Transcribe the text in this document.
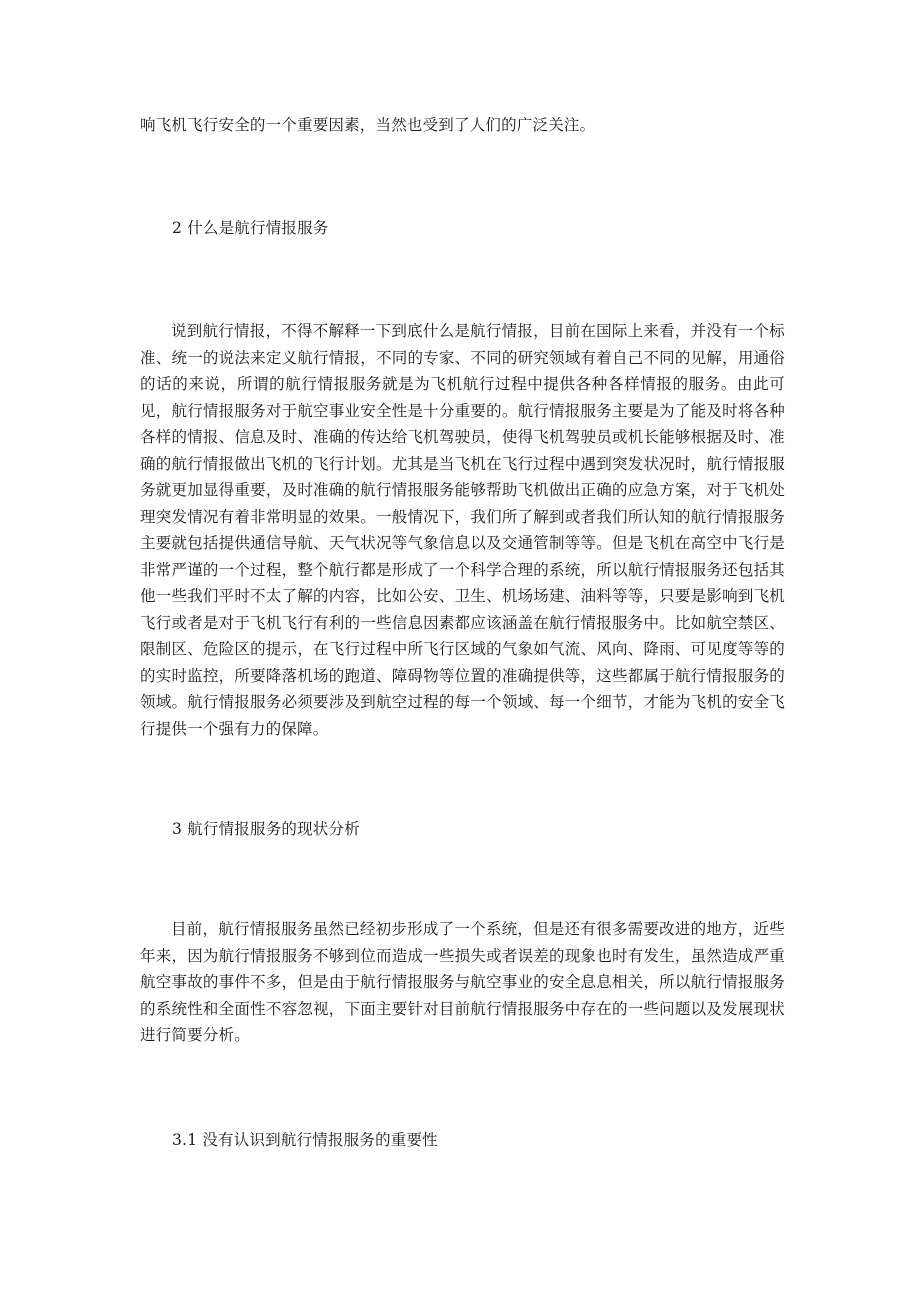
响飞机飞行安全的一个重要因素，当然也受到了人们的广泛关注。

2 什么是航行情报服务

说到航行情报，不得不解释一下到底什么是航行情报，目前在国际上来看，并没有一个标准、统一的说法来定义航行情报，不同的专家、不同的研究领域有着自己不同的见解，用通俗的话的来说，所谓的航行情报服务就是为飞机航行过程中提供各种各样情报的服务。由此可见，航行情报服务对于航空事业安全性是十分重要的。航行情报服务主要是为了能及时将各种各样的情报、信息及时、准确的传达给飞机驾驶员，使得飞机驾驶员或机长能够根据及时、准确的航行情报做出飞机的飞行计划。尤其是当飞机在飞行过程中遇到突发状况时，航行情报服务就更加显得重要，及时准确的航行情报服务能够帮助飞机做出正确的应急方案，对于飞机处理突发情况有着非常明显的效果。一般情况下，我们所了解到或者我们所认知的航行情报服务主要就包括提供通信导航、天气状况等气象信息以及交通管制等等。但是飞机在高空中飞行是非常严谨的一个过程，整个航行都是形成了一个科学合理的系统，所以航行情报服务还包括其他一些我们平时不太了解的内容，比如公安、卫生、机场场建、油料等等，只要是影响到飞机飞行或者是对于飞机飞行有利的一些信息因素都应该涵盖在航行情报服务中。比如航空禁区、限制区、危险区的提示，在飞行过程中所飞行区域的气象如气流、风向、降雨、可见度等等的的实时监控，所要降落机场的跑道、障碍物等位置的准确提供等，这些都属于航行情报服务的领域。航行情报服务必须要涉及到航空过程的每一个领域、每一个细节，才能为飞机的安全飞行提供一个强有力的保障。

3 航行情报服务的现状分析

目前，航行情报服务虽然已经初步形成了一个系统，但是还有很多需要改进的地方，近些年来，因为航行情报服务不够到位而造成一些损失或者误差的现象也时有发生，虽然造成严重航空事故的事件不多，但是由于航行情报服务与航空事业的安全息息相关，所以航行情报服务的系统性和全面性不容忽视，下面主要针对目前航行情报服务中存在的一些问题以及发展现状进行简要分析。

3.1 没有认识到航行情报服务的重要性
